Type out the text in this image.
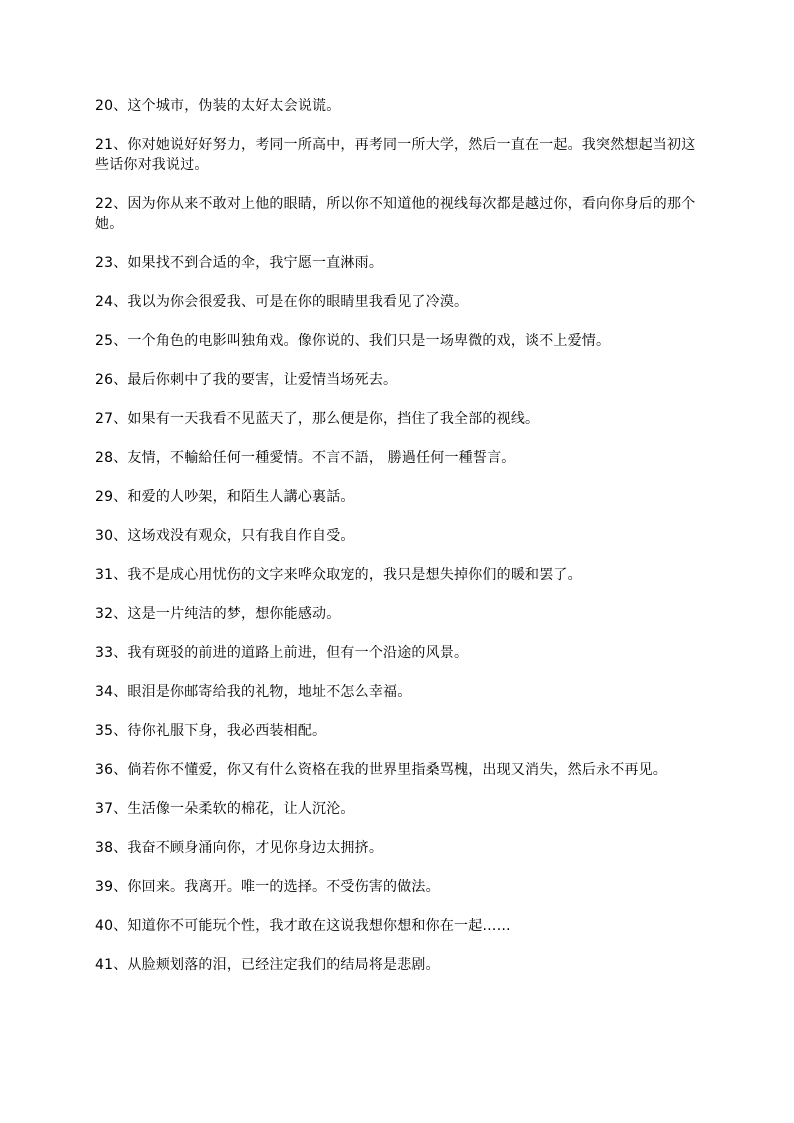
20、这个城市，伪装的太好太会说谎。

21、你对她说好好努力，考同一所高中，再考同一所大学，然后一直在一起。我突然想起当初这些话你对我说过。

22、因为你从来不敢对上他的眼睛，所以你不知道他的视线每次都是越过你，看向你身后的那个她。

23、如果找不到合适的伞，我宁愿一直淋雨。

24、我以为你会很爱我、可是在你的眼睛里我看见了冷漠。

25、一个角色的电影叫独角戏。像你说的、我们只是一场卑微的戏，谈不上爱情。

26、最后你刺中了我的要害，让爱情当场死去。

27、如果有一天我看不见蓝天了，那么便是你，挡住了我全部的视线。

28、友情，不輸給任何一種愛情。不言不語， 勝過任何一種誓言。

29、和爱的人吵架，和陌生人講心裏話。

30、这场戏没有观众，只有我自作自受。

31、我不是成心用忧伤的文字来哗众取宠的，我只是想失掉你们的暖和罢了。

32、这是一片纯洁的梦，想你能感动。

33、我有斑驳的前进的道路上前进，但有一个沿途的风景。

34、眼泪是你邮寄给我的礼物，地址不怎么幸福。

35、待你礼服下身，我必西装相配。

36、倘若你不懂爱，你又有什么资格在我的世界里指桑骂槐，出现又消失，然后永不再见。

37、生活像一朵柔软的棉花，让人沉沦。

38、我奋不顾身涌向你，才见你身边太拥挤。

39、你回来。我离开。唯一的选择。不受伤害的做法。

40、知道你不可能玩个性，我才敢在这说我想你想和你在一起……

41、从脸颊划落的泪，已经注定我们的结局将是悲剧。
